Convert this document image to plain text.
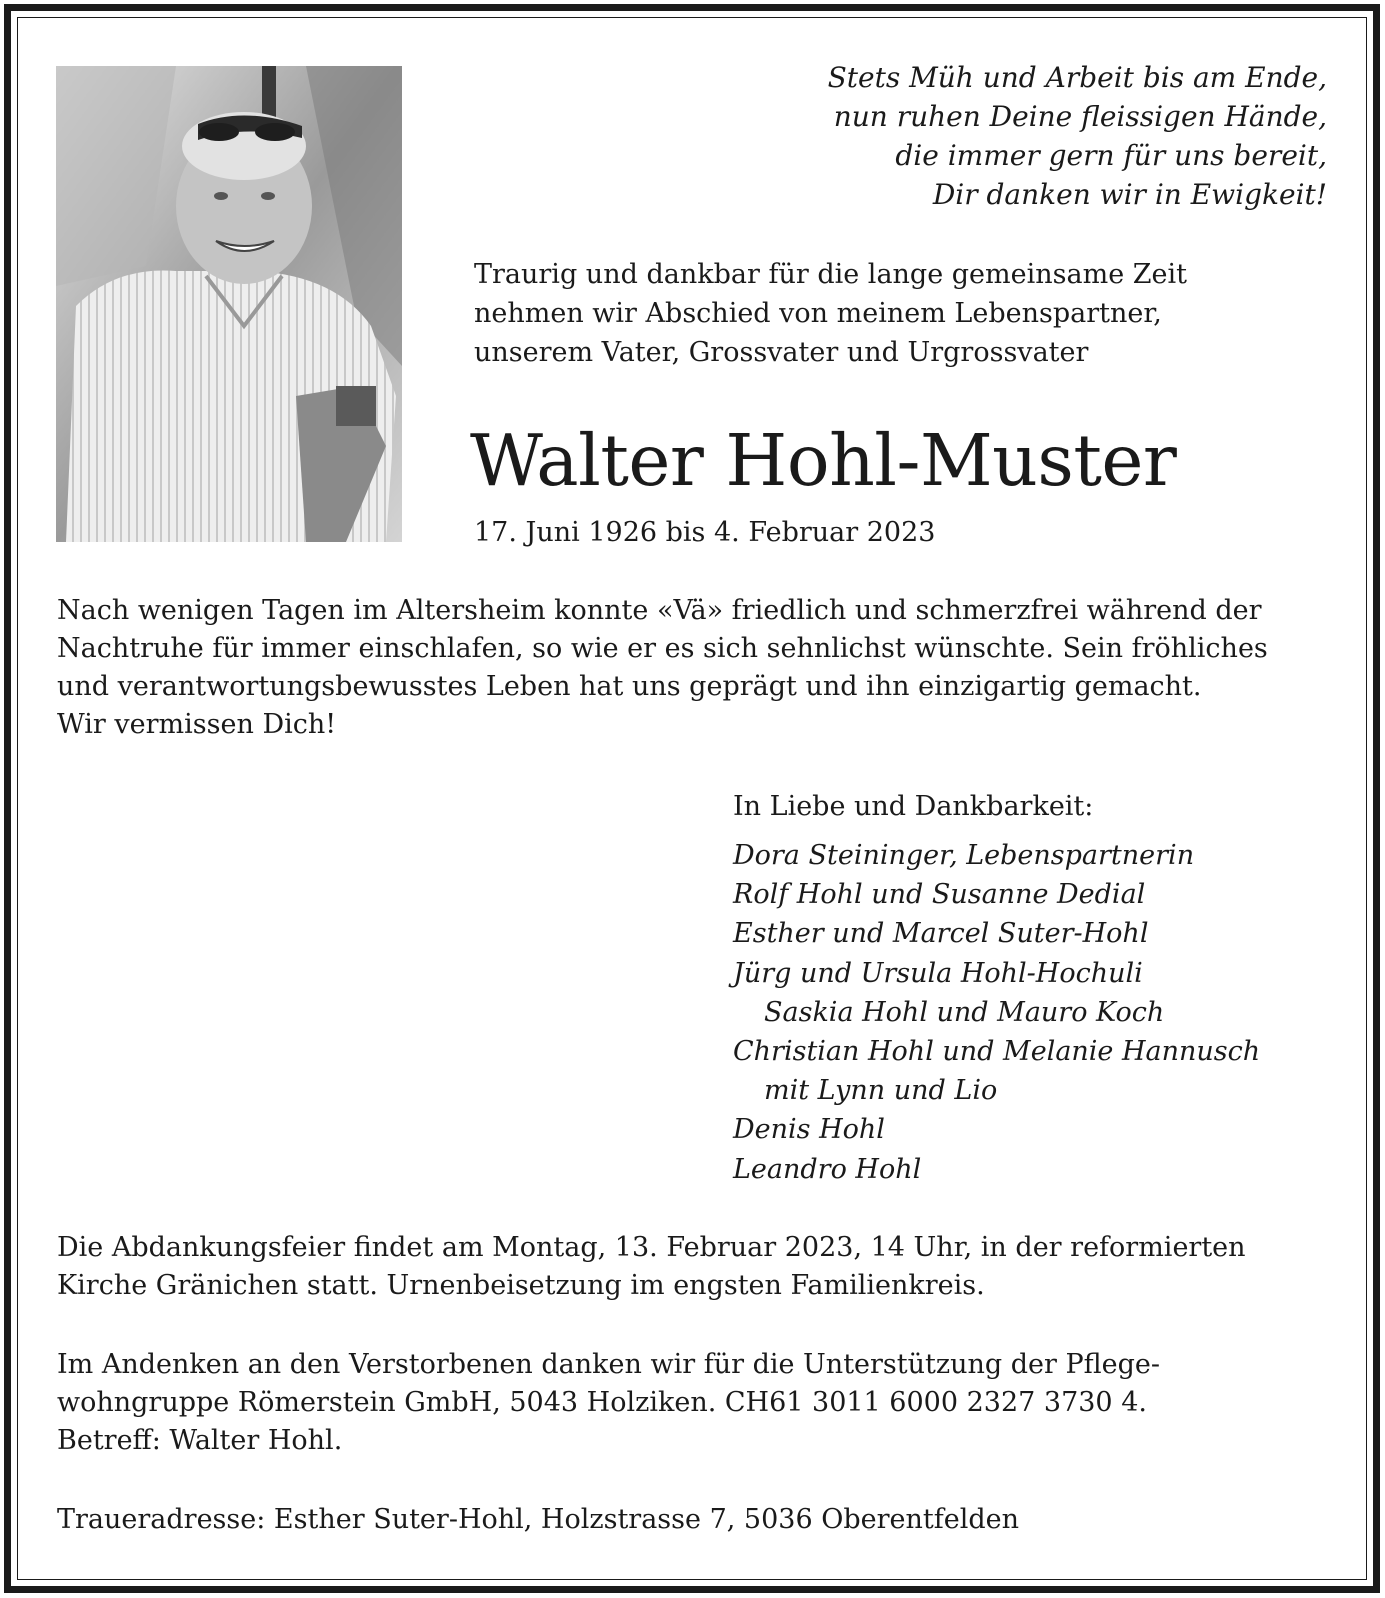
Stets Müh und Arbeit bis am Ende,
nun ruhen Deine fleissigen Hände,
die immer gern für uns bereit,
Dir danken wir in Ewigkeit!
Traurig und dankbar für die lange gemeinsame Zeit
nehmen wir Abschied von meinem Lebenspartner,
unserem Vater, Grossvater und Urgrossvater
Walter Hohl-Muster
17. Juni 1926 bis 4. Februar 2023
Nach wenigen Tagen im Altersheim konnte «Vä» friedlich und schmerzfrei während der
Nachtruhe für immer einschlafen, so wie er es sich sehnlichst wünschte. Sein fröhliches
und verantwortungsbewusstes Leben hat uns geprägt und ihn einzigartig gemacht.
Wir vermissen Dich!
In Liebe und Dankbarkeit:
Dora Steininger, Lebenspartnerin
Rolf Hohl und Susanne Dedial
Esther und Marcel Suter-Hohl
Jürg und Ursula Hohl-Hochuli
Saskia Hohl und Mauro Koch
Christian Hohl und Melanie Hannusch
mit Lynn und Lio
Denis Hohl
Leandro Hohl
Die Abdankungsfeier findet am Montag, 13. Februar 2023, 14 Uhr, in der reformierten
Kirche Gränichen statt. Urnenbeisetzung im engsten Familienkreis.
Im Andenken an den Verstorbenen danken wir für die Unterstützung der Pflege-
wohngruppe Römerstein GmbH, 5043 Holziken. CH61 3011 6000 2327 3730 4.
Betreff: Walter Hohl.
Traueradresse: Esther Suter-Hohl, Holzstrasse 7, 5036 Oberentfelden
